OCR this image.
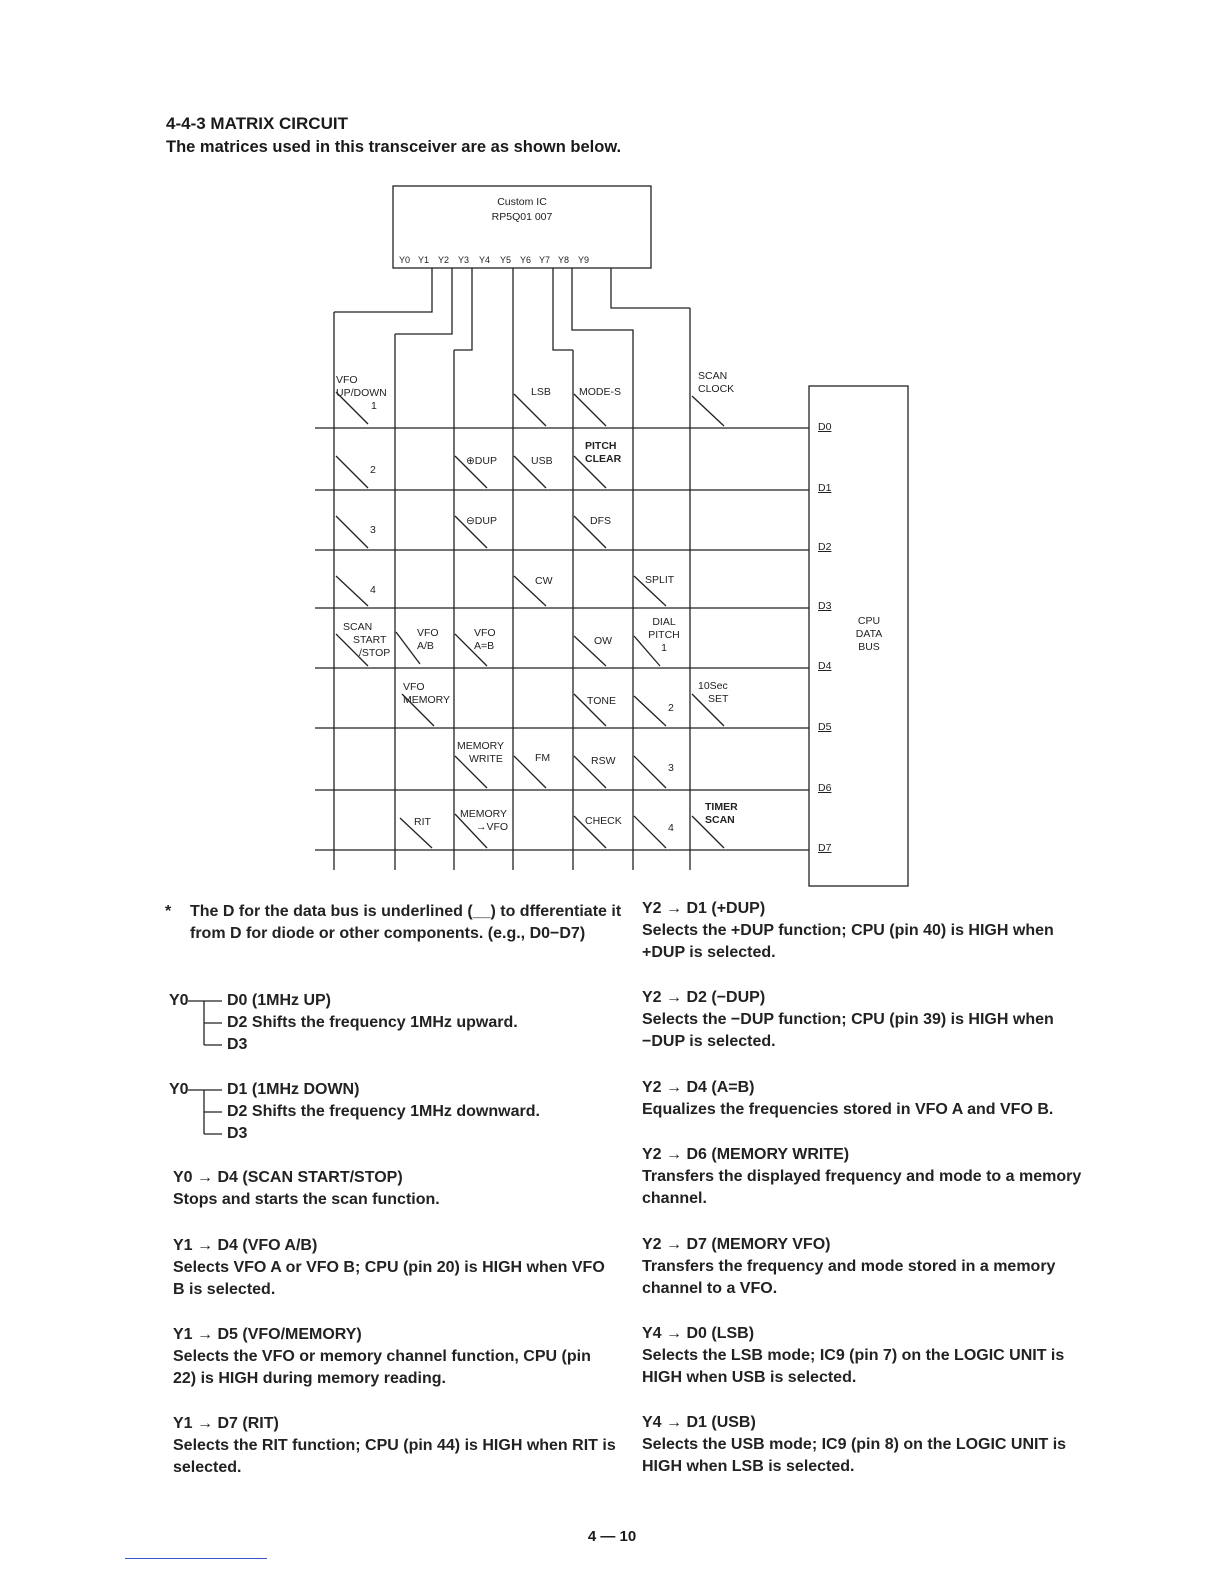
4-4-3 MATRIX CIRCUIT
The matrices used in this transceiver are as shown below.
Custom IC
RP5Q01 007
Y0 Y1 Y2 Y3 Y4 Y5 Y6 Y7 Y8 Y9
D0
D1
D2
D3
D4
D5
D6
D7
CPU
DATA
BUS
VFO
UP/DOWN
1
2
3
4
SCAN
START
/STOP
VFO
A/B
VFO
MEMORY
RIT
⊕DUP
⊖DUP
VFO
A=B
MEMORY
WRITE
MEMORY
→VFO
LSB
USB
CW
FM
MODE-S
PITCH
CLEAR
DFS
OW
TONE
RSW
CHECK
SPLIT
DIAL
PITCH
1
2
3
4
SCAN
CLOCK
10Sec
SET
TIMER
SCAN
*	The D for the data bus is underlined (__) to dfferentiate it from D for diode or other components. (e.g., D0−D7)
Y0 D0 (1MHz UP)
D2 Shifts the frequency 1MHz upward.
D3
Y0 D1 (1MHz DOWN)
D2 Shifts the frequency 1MHz downward.
D3
Y0 → D4 (SCAN START/STOP)
Stops and starts the scan function.
Y1 → D4 (VFO A/B)
Selects VFO A or VFO B; CPU (pin 20) is HIGH when VFO B is selected.
Y1 → D5 (VFO/MEMORY)
Selects the VFO or memory channel function, CPU (pin 22) is HIGH during memory reading.
Y1 → D7 (RIT)
Selects the RIT function; CPU (pin 44) is HIGH when RIT is selected.
Y2 → D1 (+DUP)
Selects the +DUP function; CPU (pin 40) is HIGH when +DUP is selected.
Y2 → D2 (−DUP)
Selects the −DUP function; CPU (pin 39) is HIGH when −DUP is selected.
Y2 → D4 (A=B)
Equalizes the frequencies stored in VFO A and VFO B.
Y2 → D6 (MEMORY WRITE)
Transfers the displayed frequency and mode to a memory channel.
Y2 → D7 (MEMORY VFO)
Transfers the frequency and mode stored in a memory channel to a VFO.
Y4 → D0 (LSB)
Selects the LSB mode; IC9 (pin 7) on the LOGIC UNIT is HIGH when USB is selected.
Y4 → D1 (USB)
Selects the USB mode; IC9 (pin 8) on the LOGIC UNIT is HIGH when LSB is selected.
4 — 10
